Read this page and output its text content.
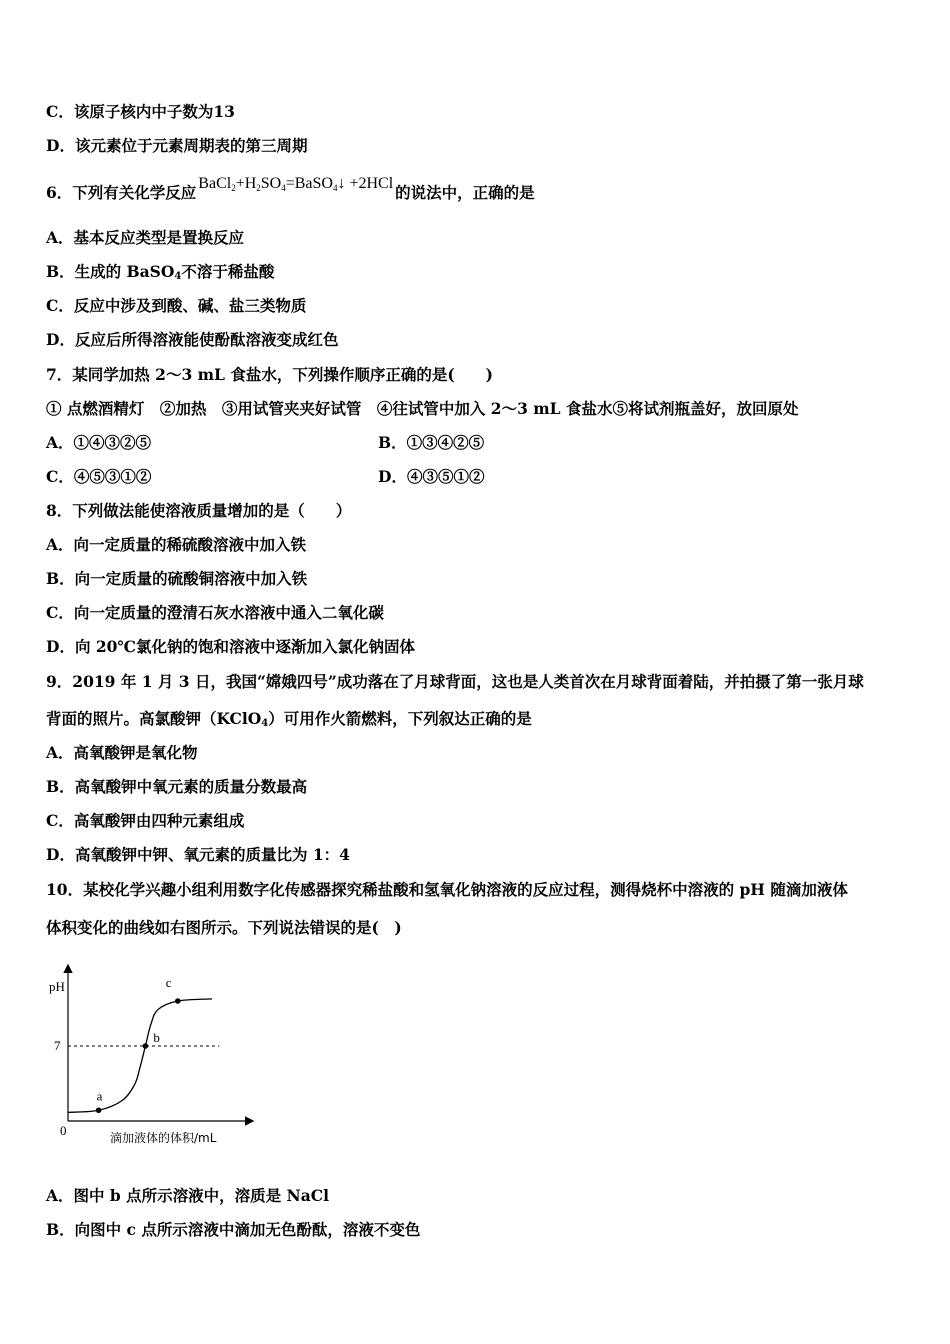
C．该原子核内中子数为13
D．该元素位于元素周期表的第三周期
6．下列有关化学反应 $BaCl_2+H_2SO_4=BaSO_4↓ +2HCl$ 的说法中，正确的是
A．基本反应类型是置换反应
B．生成的 BaSO$_4$不溶于稀盐酸
C．反应中涉及到酸、碱、盐三类物质
D．反应后所得溶液能使酚酞溶液变成红色
7．某同学加热 2～3 mL 食盐水，下列操作顺序正确的是(　　)
① 点燃酒精灯　②加热　③用试管夹夹好试管　④往试管中加入 2～3 mL 食盐水⑤将试剂瓶盖好，放回原处
A．①④③②⑤	B．①③④②⑤
C．④⑤③①②	D．④③⑤①②
8．下列做法能使溶液质量增加的是（　　）
A．向一定质量的稀硫酸溶液中加入铁
B．向一定质量的硫酸铜溶液中加入铁
C．向一定质量的澄清石灰水溶液中通入二氧化碳
D．向 20℃氯化钠的饱和溶液中逐渐加入氯化钠固体
9．2019 年 1 月 3 日，我国“嫦娥四号”成功落在了月球背面，这也是人类首次在月球背面着陆，并拍摄了第一张月球
背面的照片。高氯酸钾（KClO$_4$）可用作火箭燃料，下列叙达正确的是
A．高氧酸钾是氧化物
B．高氧酸钾中氧元素的质量分数最高
C．高氧酸钾由四种元素组成
D．高氧酸钾中钾、氧元素的质量比为 1：4
10．某校化学兴趣小组利用数字化传感器探究稀盐酸和氢氧化钠溶液的反应过程，测得烧杯中溶液的 pH 随滴加液体
体积变化的曲线如右图所示。下列说法错误的是(　)
pH
7
0	滴加液体的体积/mL
a
b
c
A．图中 b 点所示溶液中，溶质是 NaCl
B．向图中 c 点所示溶液中滴加无色酚酞，溶液不变色
